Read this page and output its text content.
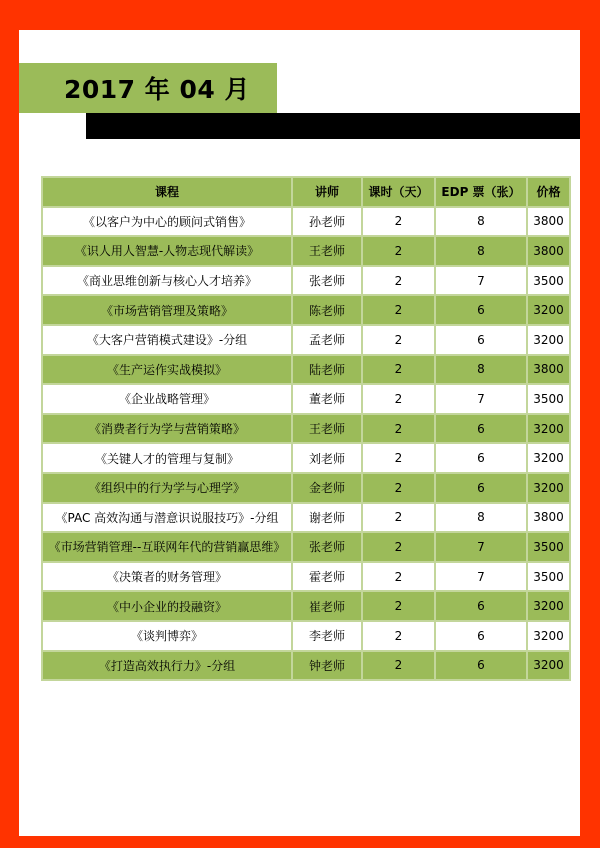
2017 年 04 月
课程	讲师	课时（天）	EDP 票（张）	价格
《以客户为中心的顾问式销售》	孙老师	2	8	3800
《识人用人智慧-人物志现代解读》	王老师	2	8	3800
《商业思维创新与核心人才培养》	张老师	2	7	3500
《市场营销管理及策略》	陈老师	2	6	3200
《大客户营销模式建设》-分组	孟老师	2	6	3200
《生产运作实战模拟》	陆老师	2	8	3800
《企业战略管理》	董老师	2	7	3500
《消费者行为学与营销策略》	王老师	2	6	3200
《关键人才的管理与复制》	刘老师	2	6	3200
《组织中的行为学与心理学》	金老师	2	6	3200
《PAC 高效沟通与潜意识说服技巧》-分组	谢老师	2	8	3800
《市场营销管理--互联网年代的营销赢思维》	张老师	2	7	3500
《决策者的财务管理》	霍老师	2	7	3500
《中小企业的投融资》	崔老师	2	6	3200
《谈判博弈》	李老师	2	6	3200
《打造高效执行力》-分组	钟老师	2	6	3200
